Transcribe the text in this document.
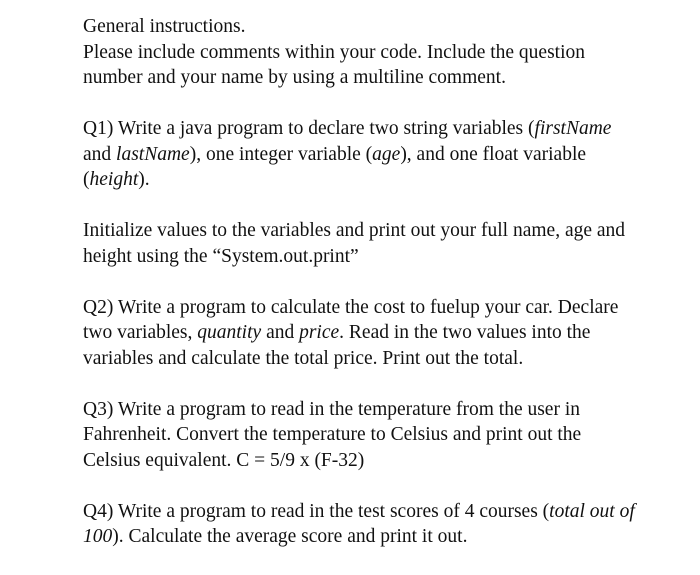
General instructions.

Please include comments within your code. Include the question number and your name by using a multiline comment.

Q1) Write a java program to declare two string variables (firstName and lastName), one integer variable (age), and one float variable (height).

Initialize values to the variables and print out your full name, age and height using the “System.out.print”

Q2) Write a program to calculate the cost to fuelup your car. Declare two variables, quantity and price. Read in the two values into the variables and calculate the total price. Print out the total.

Q3) Write a program to read in the temperature from the user in Fahrenheit. Convert the temperature to Celsius and print out the Celsius equivalent. C = 5/9 x (F-32)

Q4) Write a program to read in the test scores of 4 courses (total out of 100). Calculate the average score and print it out.
